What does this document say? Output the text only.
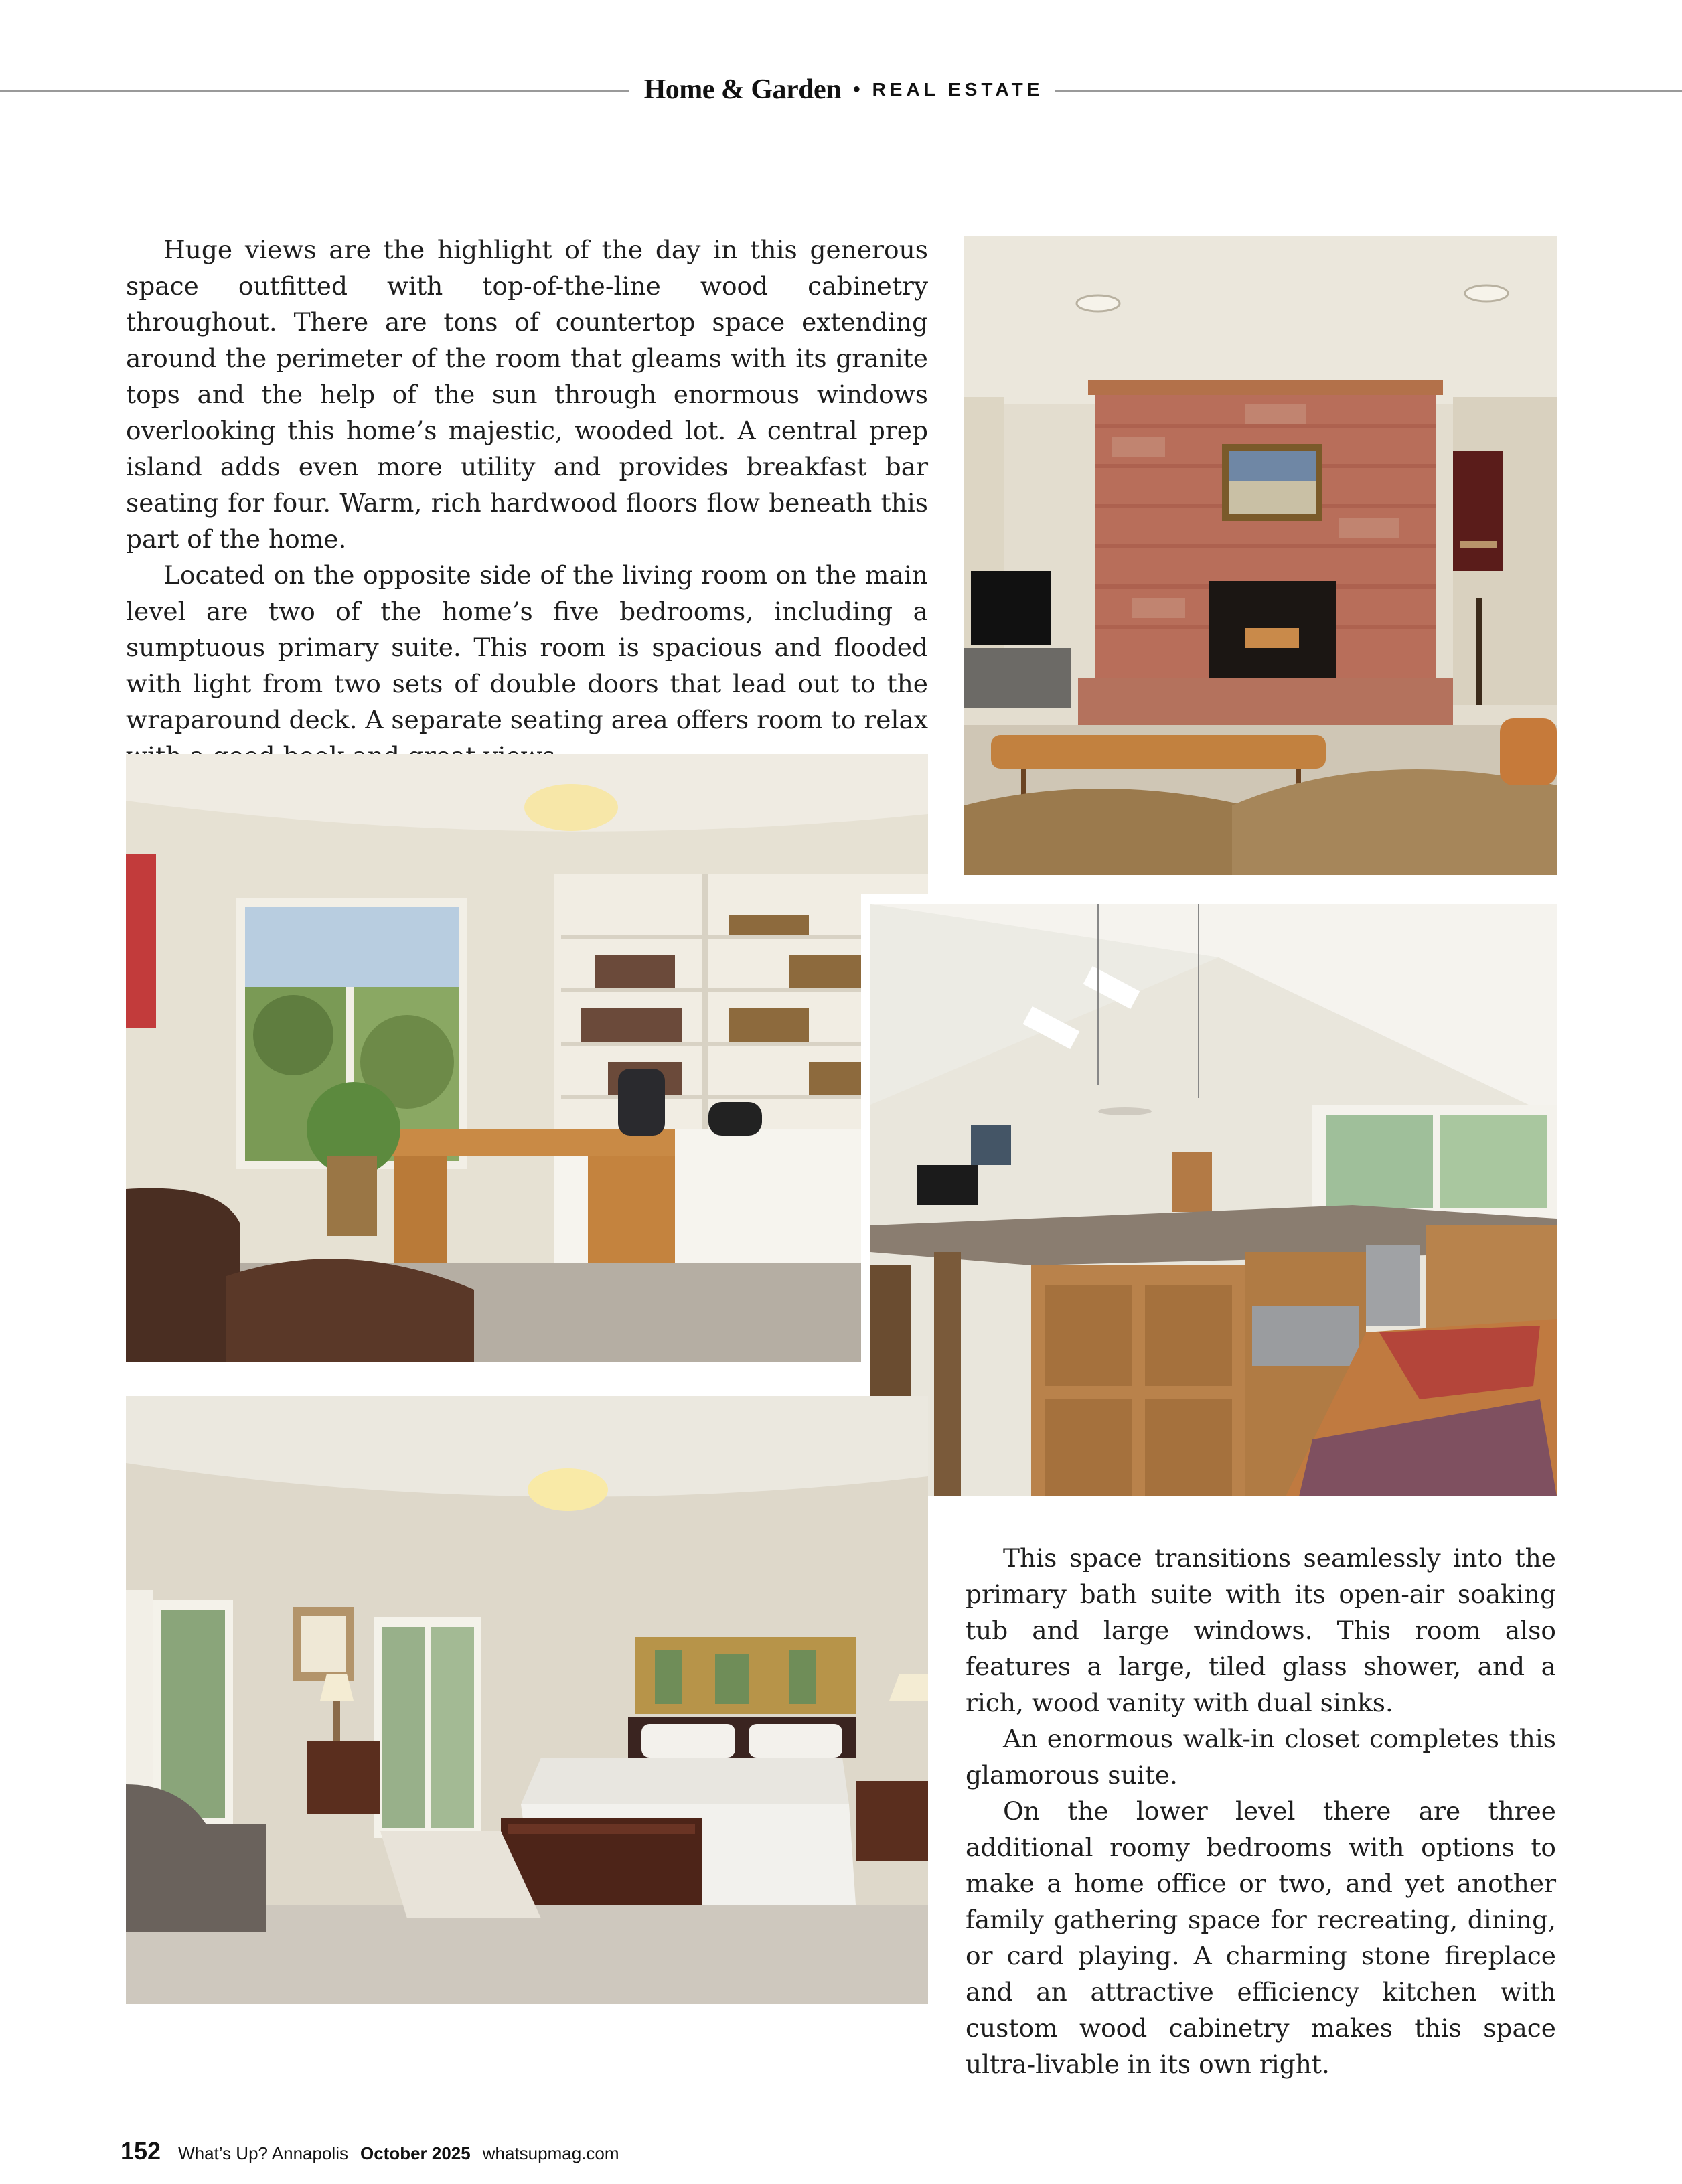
Home & Garden • REAL ESTATE

Huge views are the highlight of the day in this generous space outfitted with top-of-the-line wood cabinetry throughout. There are tons of countertop space extending around the perimeter of the room that gleams with its granite tops and the help of the sun through enormous windows overlooking this home’s majestic, wooded lot. A central prep island adds even more utility and provides breakfast bar seating for four. Warm, rich hardwood floors flow beneath this part of the home.

Located on the opposite side of the living room on the main level are two of the home’s five bedrooms, including a sumptuous primary suite. This room is spacious and flooded with light from two sets of double doors that lead out to the wraparound deck. A separate seating area offers room to relax

This space transitions seamlessly into the primary bath suite with its open-air soaking tub and large windows. This room also features a large, tiled glass shower, and a rich, wood vanity with dual sinks.

An enormous walk-in closet completes this glamorous suite.

On the lower level there are three additional roomy bedrooms with options to make a home office or two, and yet another family gathering space for recreating, dining, or card playing. A charming stone fireplace and an attractive efficiency kitchen with custom wood cabinetry makes this space ultra-livable in its own right.

152 What’s Up? Annapolis October 2025 whatsupmag.com
